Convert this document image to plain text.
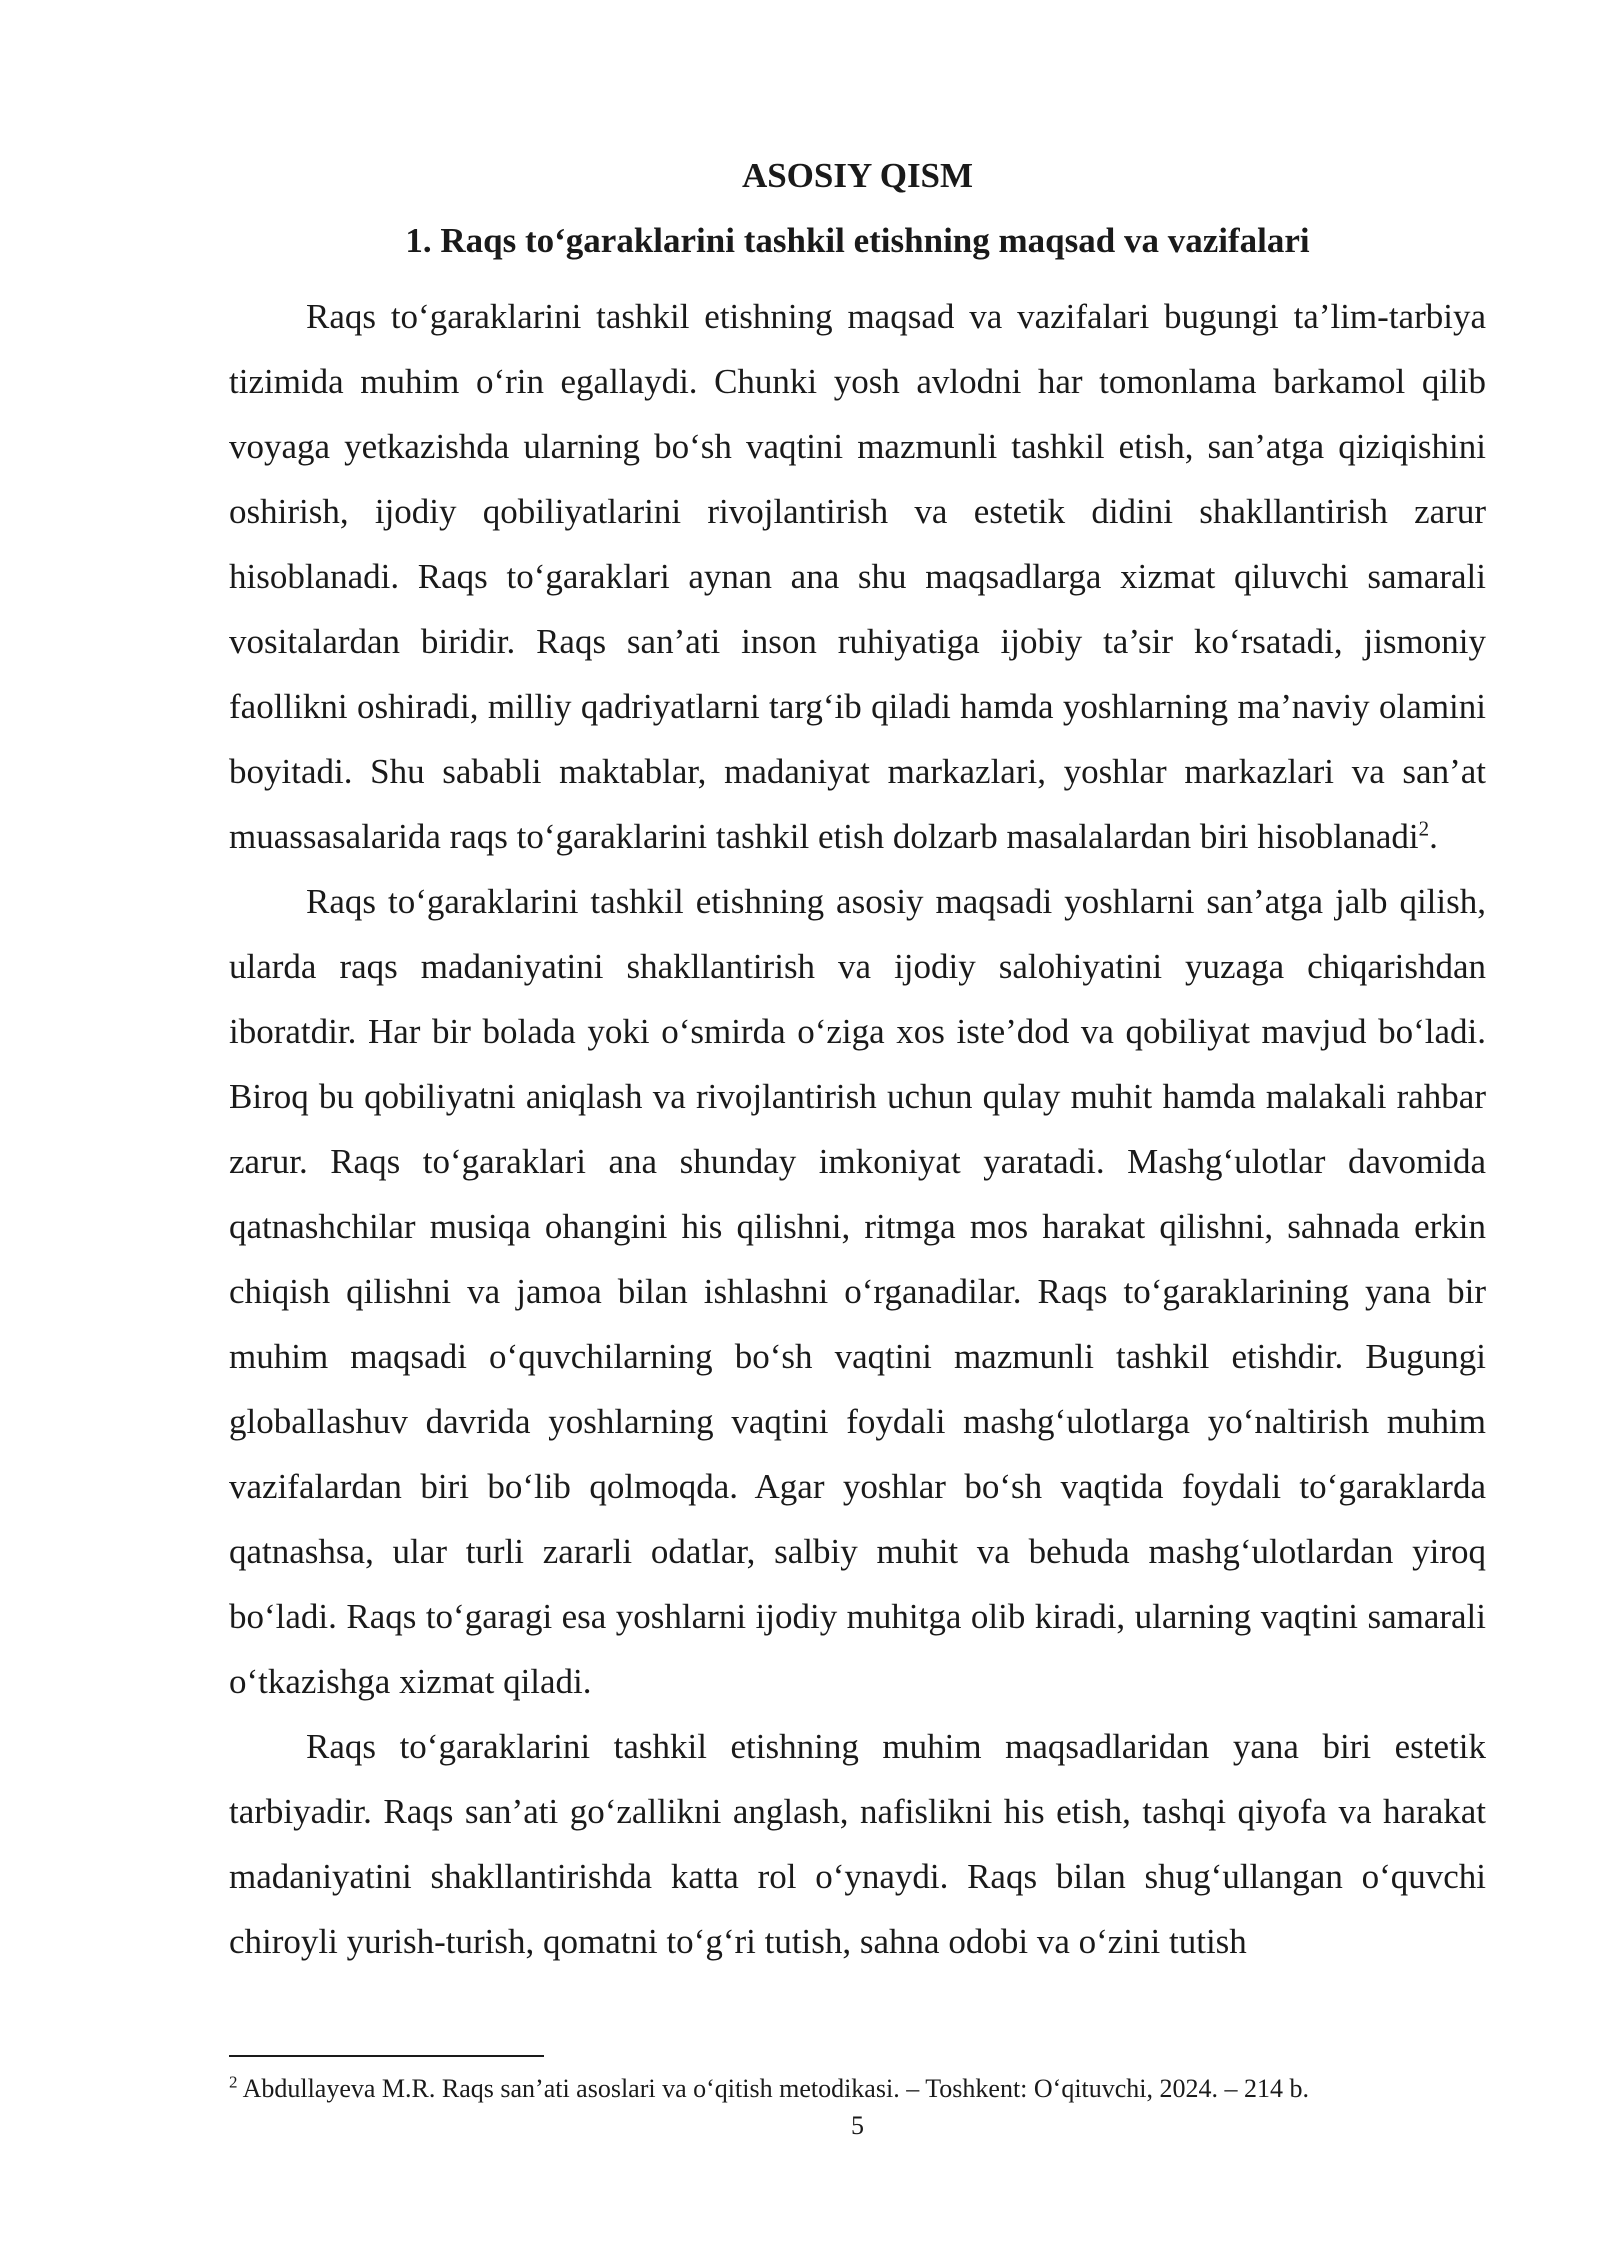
ASOSIY QISM
1. Raqs to‘garaklarini tashkil etishning maqsad va vazifalari

Raqs to‘garaklarini tashkil etishning maqsad va vazifalari bugungi ta’lim-tarbiya tizimida muhim o‘rin egallaydi. Chunki yosh avlodni har tomonlama barkamol qilib voyaga yetkazishda ularning bo‘sh vaqtini mazmunli tashkil etish, san’atga qiziqishini oshirish, ijodiy qobiliyatlarini rivojlantirish va estetik didini shakllantirish zarur hisoblanadi. Raqs to‘garaklari aynan ana shu maqsadlarga xizmat qiluvchi samarali vositalardan biridir. Raqs san’ati inson ruhiyatiga ijobiy ta’sir ko‘rsatadi, jismoniy faollikni oshiradi, milliy qadriyatlarni targ‘ib qiladi hamda yoshlarning ma’naviy olamini boyitadi. Shu sababli maktablar, madaniyat markazlari, yoshlar markazlari va san’at muassasalarida raqs to‘garaklarini tashkil etish dolzarb masalalardan biri hisoblanadi$^2$.

Raqs to‘garaklarini tashkil etishning asosiy maqsadi yoshlarni san’atga jalb qilish, ularda raqs madaniyatini shakllantirish va ijodiy salohiyatini yuzaga chiqarishdan iboratdir. Har bir bolada yoki o‘smirda o‘ziga xos iste’dod va qobiliyat mavjud bo‘ladi. Biroq bu qobiliyatni aniqlash va rivojlantirish uchun qulay muhit hamda malakali rahbar zarur. Raqs to‘garaklari ana shunday imkoniyat yaratadi. Mashg‘ulotlar davomida qatnashchilar musiqa ohangini his qilishni, ritmga mos harakat qilishni, sahnada erkin chiqish qilishni va jamoa bilan ishlashni o‘rganadilar. Raqs to‘garaklarining yana bir muhim maqsadi o‘quvchilarning bo‘sh vaqtini mazmunli tashkil etishdir. Bugungi globallashuv davrida yoshlarning vaqtini foydali mashg‘ulotlarga yo‘naltirish muhim vazifalardan biri bo‘lib qolmoqda. Agar yoshlar bo‘sh vaqtida foydali to‘garaklarda qatnashsa, ular turli zararli odatlar, salbiy muhit va behuda mashg‘ulotlardan yiroq bo‘ladi. Raqs to‘garagi esa yoshlarni ijodiy muhitga olib kiradi, ularning vaqtini samarali o‘tkazishga xizmat qiladi.

Raqs to‘garaklarini tashkil etishning muhim maqsadlaridan yana biri estetik tarbiyadir. Raqs san’ati go‘zallikni anglash, nafislikni his etish, tashqi qiyofa va harakat madaniyatini shakllantirishda katta rol o‘ynaydi. Raqs bilan shug‘ullangan o‘quvchi chiroyli yurish-turish, qomatni to‘g‘ri tutish, sahna odobi va o‘zini tutish

$^2$ Abdullayeva M.R. Raqs san’ati asoslari va o‘qitish metodikasi. – Toshkent: O‘qituvchi, 2024. – 214 b.

5
